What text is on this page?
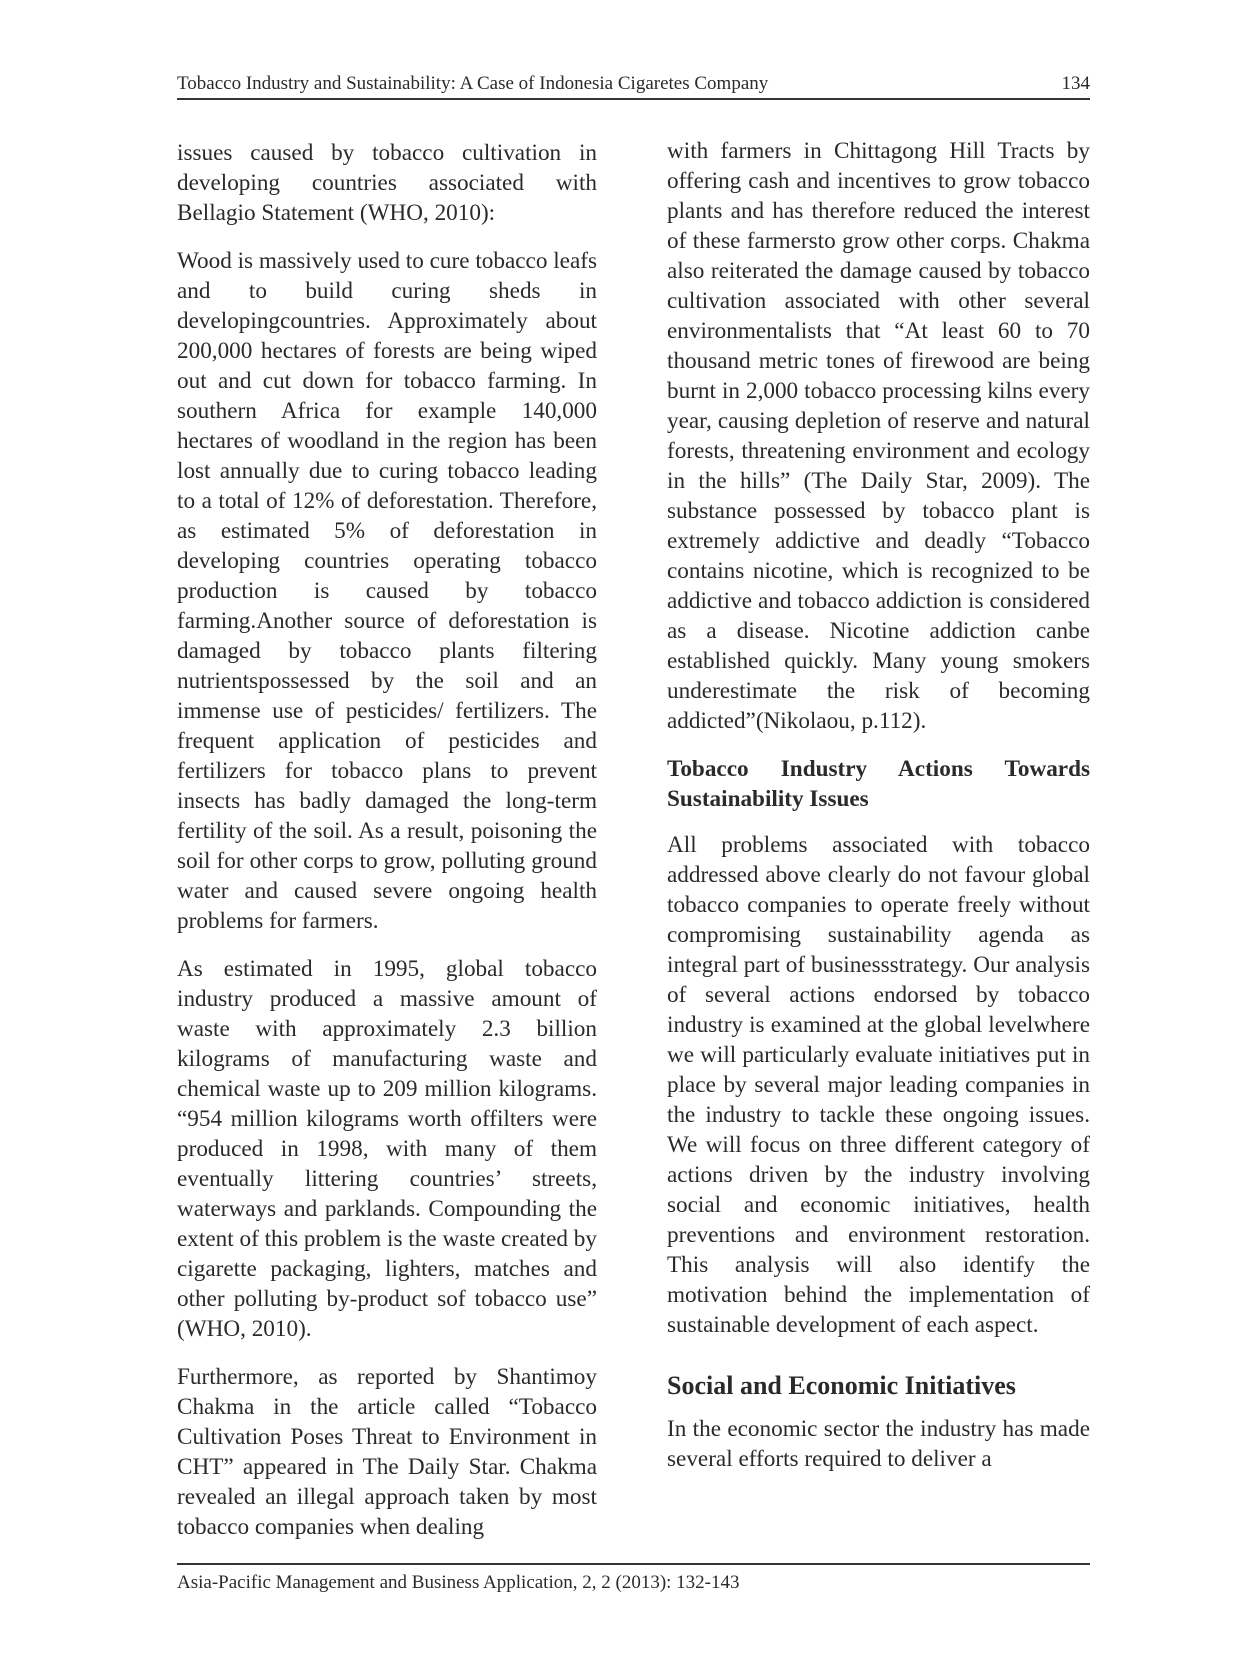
Tobacco Industry and Sustainability: A Case of Indonesia Cigaretes Company	134

issues caused by tobacco cultivation in developing countries associated with Bellagio Statement (WHO, 2010):

Wood is massively used to cure tobacco leafs and to build curing sheds in developingcountries. Approximately about 200,000 hectares of forests are being wiped out and cut down for tobacco farming. In southern Africa for example 140,000 hectares of woodland in the region has been lost annually due to curing tobacco leading to a total of 12% of deforestation. Therefore, as estimated 5% of deforestation in developing countries operating tobacco production is caused by tobacco farming.Another source of deforestation is damaged by tobacco plants filtering nutrientspossessed by the soil and an immense use of pesticides/ fertilizers. The frequent application of pesticides and fertilizers for tobacco plans to prevent insects has badly damaged the long-term fertility of the soil. As a result, poisoning the soil for other corps to grow, polluting ground water and caused severe ongoing health problems for farmers.

As estimated in 1995, global tobacco industry produced a massive amount of waste with approximately 2.3 billion kilograms of manufacturing waste and chemical waste up to 209 million kilograms. “954 million kilograms worth offilters were produced in 1998, with many of them eventually littering countries’ streets, waterways and parklands. Compounding the extent of this problem is the waste created by cigarette packaging, lighters, matches and other polluting by-product sof tobacco use” (WHO, 2010).

Furthermore, as reported by Shantimoy Chakma in the article called “Tobacco Cultivation Poses Threat to Environment in CHT” appeared in The Daily Star. Chakma revealed an illegal approach taken by most tobacco companies when dealing

with farmers in Chittagong Hill Tracts by offering cash and incentives to grow tobacco plants and has therefore reduced the interest of these farmersto grow other corps. Chakma also reiterated the damage caused by tobacco cultivation associated with other several environmentalists that “At least 60 to 70 thousand metric tones of firewood are being burnt in 2,000 tobacco processing kilns every year, causing depletion of reserve and natural forests, threatening environment and ecology in the hills” (The Daily Star, 2009). The substance possessed by tobacco plant is extremely addictive and deadly “Tobacco contains nicotine, which is recognized to be addictive and tobacco addiction is considered as a disease. Nicotine addiction canbe established quickly. Many young smokers underestimate the risk of becoming addicted”(Nikolaou, p.112).

Tobacco Industry Actions Towards Sustainability Issues

All problems associated with tobacco addressed above clearly do not favour global tobacco companies to operate freely without compromising sustainability agenda as integral part of businessstrategy. Our analysis of several actions endorsed by tobacco industry is examined at the global levelwhere we will particularly evaluate initiatives put in place by several major leading companies in the industry to tackle these ongoing issues. We will focus on three different category of actions driven by the industry involving social and economic initiatives, health preventions and environment restoration. This analysis will also identify the motivation behind the implementation of sustainable development of each aspect.

Social and Economic Initiatives

In the economic sector the industry has made several efforts required to deliver a

Asia-Pacific Management and Business Application, 2, 2 (2013): 132-143
